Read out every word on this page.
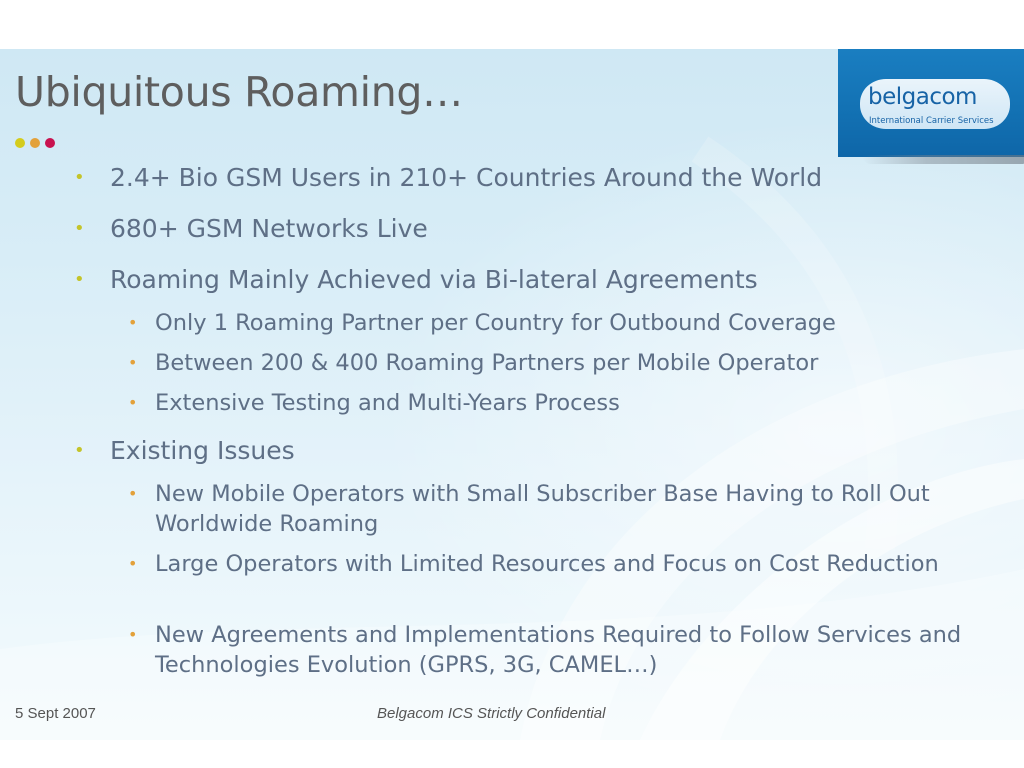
belgacom
International Carrier Services
Ubiquitous Roaming…

• 2.4+ Bio GSM Users in 210+ Countries Around the World

• 680+ GSM Networks Live

• Roaming Mainly Achieved via Bi-lateral Agreements

• Only 1 Roaming Partner per Country for Outbound Coverage

• Between 200 & 400 Roaming Partners per Mobile Operator

• Extensive Testing and Multi-Years Process

• Existing Issues

• New Mobile Operators with Small Subscriber Base Having to Roll Out Worldwide Roaming

• Large Operators with Limited Resources and Focus on Cost Reduction

• New Agreements and Implementations Required to Follow Services and Technologies Evolution (GPRS, 3G, CAMEL…)

5 Sept 2007	Belgacom ICS Strictly Confidential
